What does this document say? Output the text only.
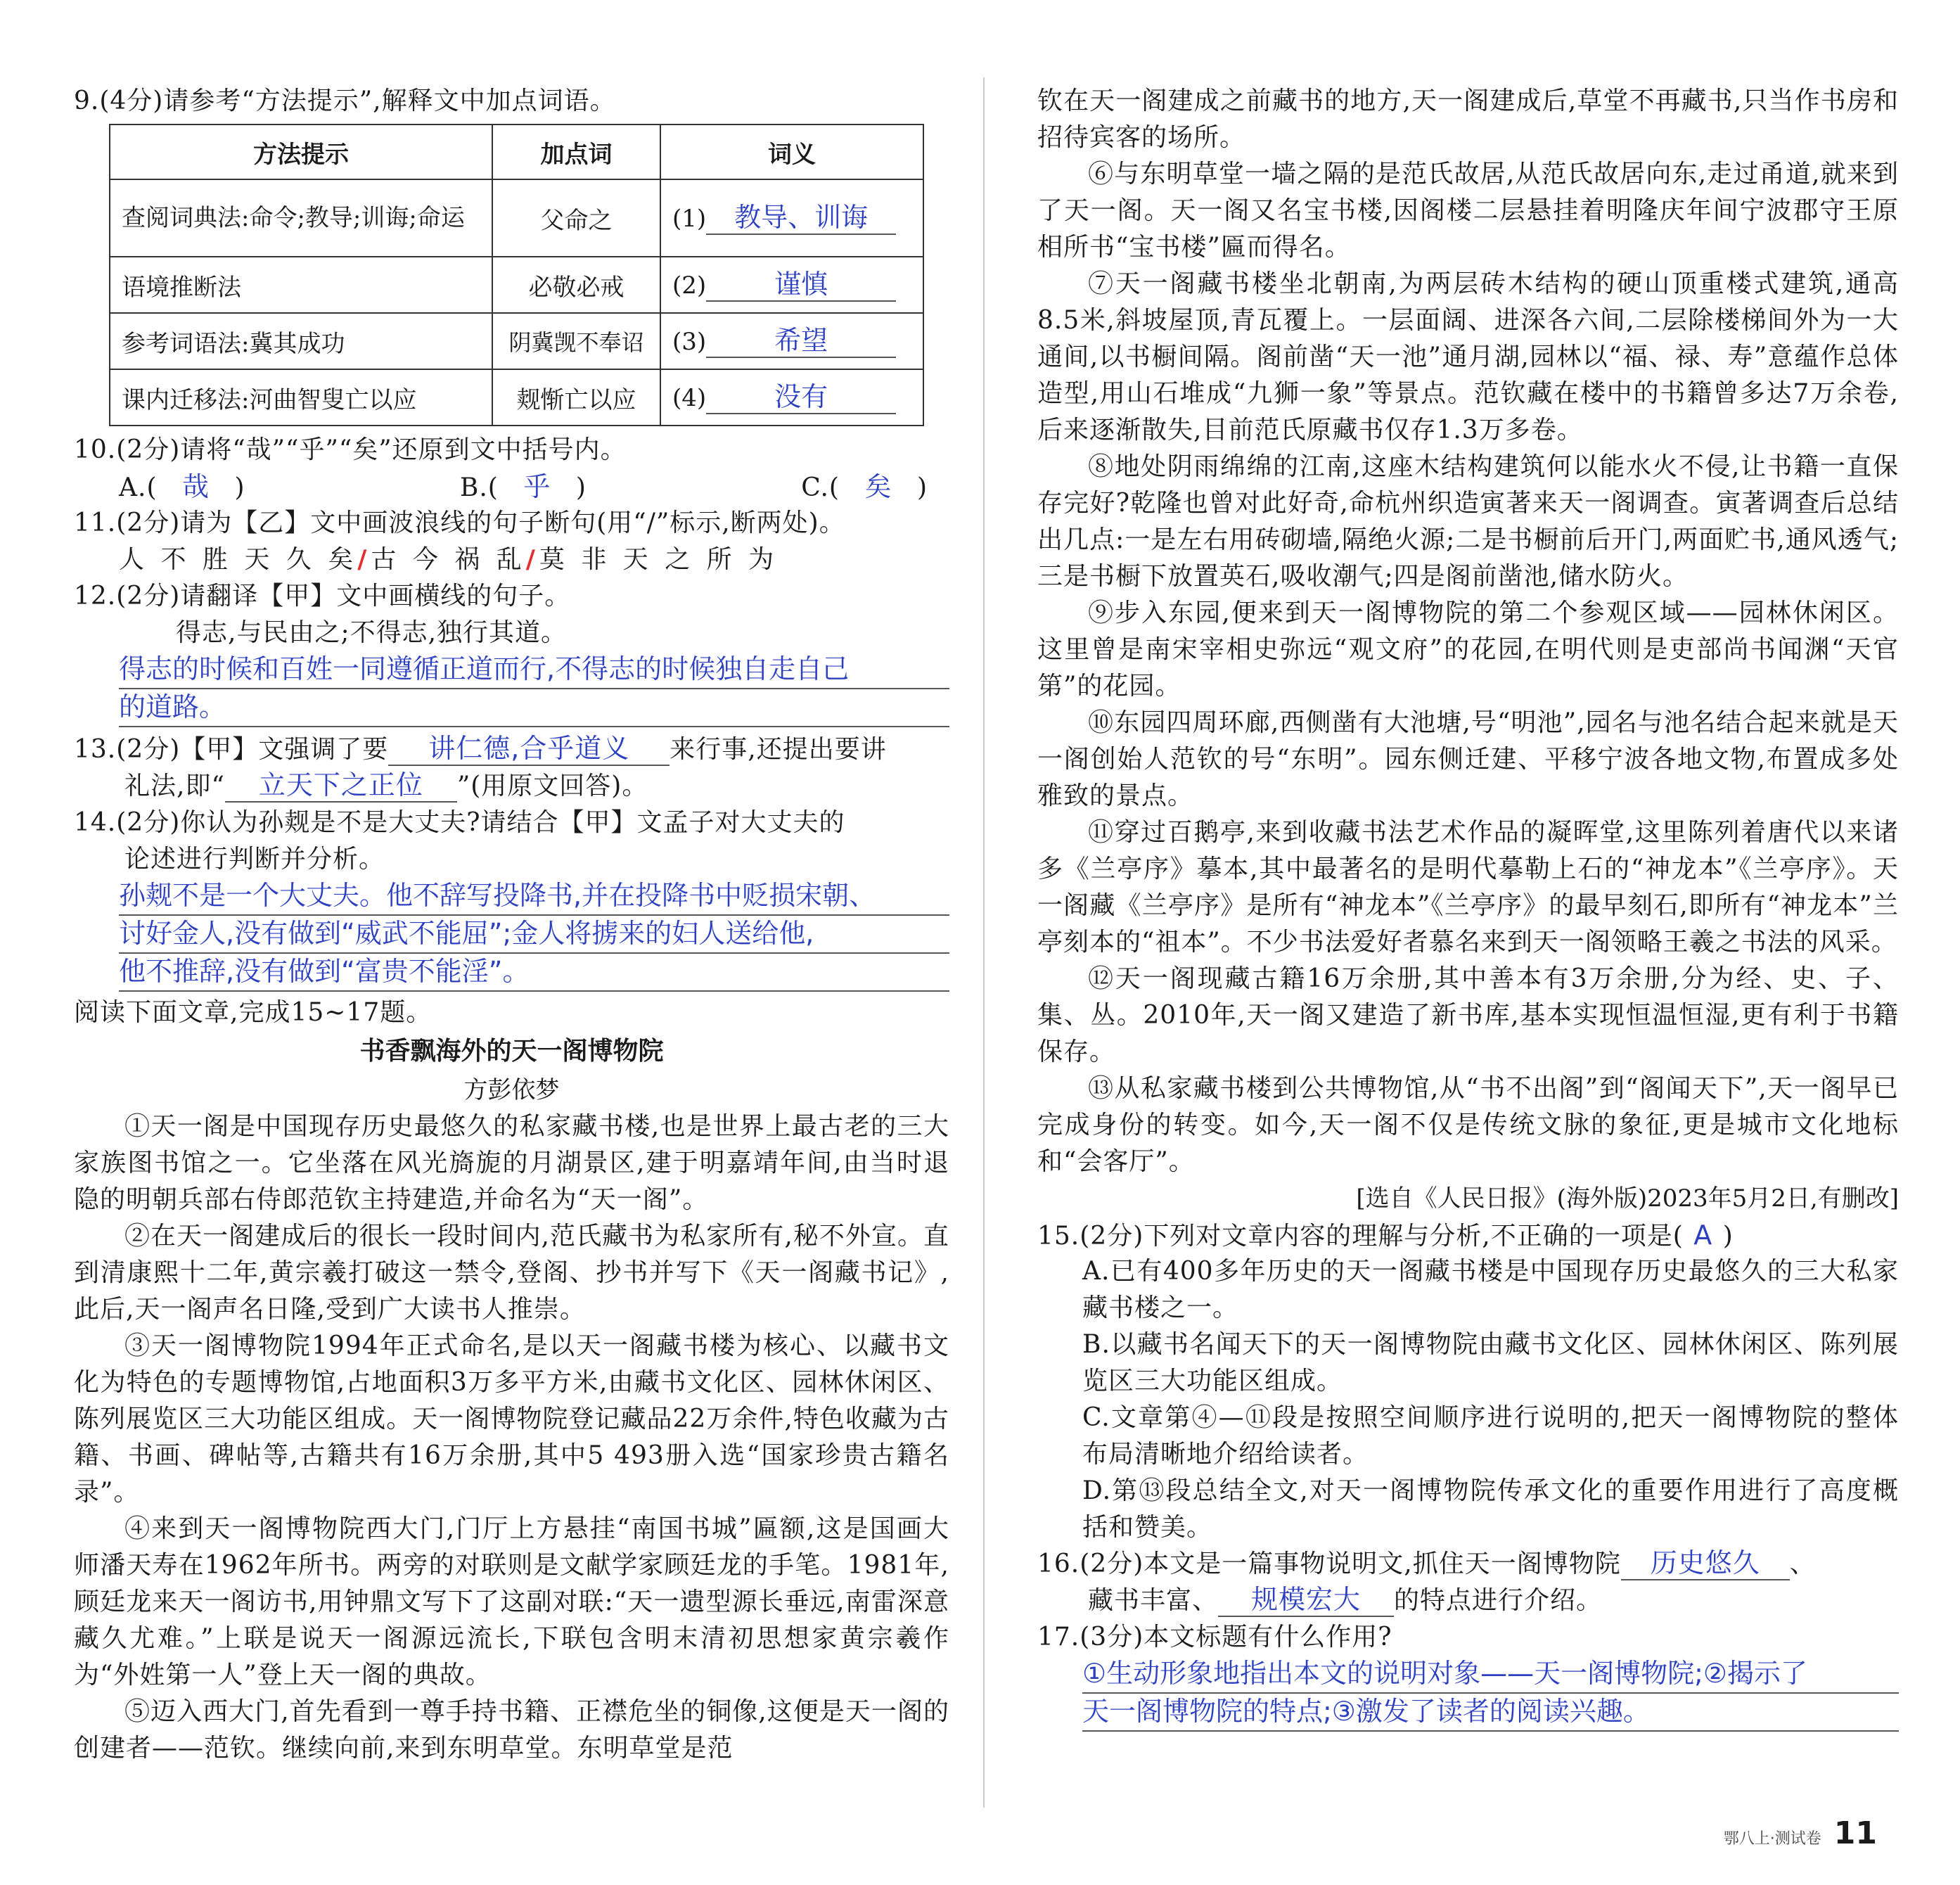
9.(4分)请参考“方法提示”,解释文中加点词语。
方法提示	加点词	词义
查阅词典法:命令;教导;训诲;命运	父命之	(1) 教导、训诲
语境推断法	必敬必戒	(2) 谨慎
参考词语法:冀其成功	阴冀觊不奉诏	(3) 希望
课内迁移法:河曲智叟亡以应	觌惭亡以应	(4) 没有
10.(2分)请将“哉”“乎”“矣”还原到文中括号内。
A.( 哉 )	B.( 乎 )	C.( 矣 )
11.(2分)请为【乙】文中画波浪线的句子断句(用“/”标示,断两处)。
人 不 胜 天 久 矣/古 今 祸 乱/莫 非 天 之 所 为
12.(2分)请翻译【甲】文中画横线的句子。
得志,与民由之;不得志,独行其道。
得志的时候和百姓一同遵循正道而行,不得志的时候独自走自己
的道路。
13.(2分)【甲】文强调了要 讲仁德,合乎道义 来行事,还提出要讲
礼法,即“ 立天下之正位 ”(用原文回答)。
14.(2分)你认为孙觌是不是大丈夫?请结合【甲】文孟子对大丈夫的
论述进行判断并分析。
孙觌不是一个大丈夫。他不辞写投降书,并在投降书中贬损宋朝、
讨好金人,没有做到“威武不能屈”;金人将掳来的妇人送给他,
他不推辞,没有做到“富贵不能淫”。
阅读下面文章,完成15~17题。
书香飘海外的天一阁博物院
方彭依梦
①天一阁是中国现存历史最悠久的私家藏书楼,也是世界上最古老的三大家族图书馆之一。它坐落在风光旖旎的月湖景区,建于明嘉靖年间,由当时退隐的明朝兵部右侍郎范钦主持建造,并命名为“天一阁”。
②在天一阁建成后的很长一段时间内,范氏藏书为私家所有,秘不外宣。直到清康熙十二年,黄宗羲打破这一禁令,登阁、抄书并写下《天一阁藏书记》,此后,天一阁声名日隆,受到广大读书人推崇。
③天一阁博物院1994年正式命名,是以天一阁藏书楼为核心、以藏书文化为特色的专题博物馆,占地面积3万多平方米,由藏书文化区、园林休闲区、陈列展览区三大功能区组成。天一阁博物院登记藏品22万余件,特色收藏为古籍、书画、碑帖等,古籍共有16万余册,其中5 493册入选“国家珍贵古籍名录”。
④来到天一阁博物院西大门,门厅上方悬挂“南国书城”匾额,这是国画大师潘天寿在1962年所书。两旁的对联则是文献学家顾廷龙的手笔。1981年,顾廷龙来天一阁访书,用钟鼎文写下了这副对联:“天一遗型源长垂远,南雷深意藏久尤难。”上联是说天一阁源远流长,下联包含明末清初思想家黄宗羲作为“外姓第一人”登上天一阁的典故。
⑤迈入西大门,首先看到一尊手持书籍、正襟危坐的铜像,这便是天一阁的创建者——范钦。继续向前,来到东明草堂。东明草堂是范
钦在天一阁建成之前藏书的地方,天一阁建成后,草堂不再藏书,只当作书房和招待宾客的场所。
⑥与东明草堂一墙之隔的是范氏故居,从范氏故居向东,走过甬道,就来到了天一阁。天一阁又名宝书楼,因阁楼二层悬挂着明隆庆年间宁波郡守王原相所书“宝书楼”匾而得名。
⑦天一阁藏书楼坐北朝南,为两层砖木结构的硬山顶重楼式建筑,通高8.5米,斜坡屋顶,青瓦覆上。一层面阔、进深各六间,二层除楼梯间外为一大通间,以书橱间隔。阁前凿“天一池”通月湖,园林以“福、禄、寿”意蕴作总体造型,用山石堆成“九狮一象”等景点。范钦藏在楼中的书籍曾多达7万余卷,后来逐渐散失,目前范氏原藏书仅存1.3万多卷。
⑧地处阴雨绵绵的江南,这座木结构建筑何以能水火不侵,让书籍一直保存完好?乾隆也曾对此好奇,命杭州织造寅著来天一阁调查。寅著调查后总结出几点:一是左右用砖砌墙,隔绝火源;二是书橱前后开门,两面贮书,通风透气;三是书橱下放置英石,吸收潮气;四是阁前凿池,储水防火。
⑨步入东园,便来到天一阁博物院的第二个参观区域——园林休闲区。这里曾是南宋宰相史弥远“观文府”的花园,在明代则是吏部尚书闻渊“天官第”的花园。
⑩东园四周环廊,西侧凿有大池塘,号“明池”,园名与池名结合起来就是天一阁创始人范钦的号“东明”。园东侧迁建、平移宁波各地文物,布置成多处雅致的景点。
⑪穿过百鹅亭,来到收藏书法艺术作品的凝晖堂,这里陈列着唐代以来诸多《兰亭序》摹本,其中最著名的是明代摹勒上石的“神龙本”《兰亭序》。天一阁藏《兰亭序》是所有“神龙本”《兰亭序》的最早刻石,即所有“神龙本”兰亭刻本的“祖本”。不少书法爱好者慕名来到天一阁领略王羲之书法的风采。
⑫天一阁现藏古籍16万余册,其中善本有3万余册,分为经、史、子、集、丛。2010年,天一阁又建造了新书库,基本实现恒温恒湿,更有利于书籍保存。
⑬从私家藏书楼到公共博物馆,从“书不出阁”到“阁闻天下”,天一阁早已完成身份的转变。如今,天一阁不仅是传统文脉的象征,更是城市文化地标和“会客厅”。
[选自《人民日报》(海外版)2023年5月2日,有删改]
15.(2分)下列对文章内容的理解与分析,不正确的一项是( A )
A.已有400多年历史的天一阁藏书楼是中国现存历史最悠久的三大私家藏书楼之一。
B.以藏书名闻天下的天一阁博物院由藏书文化区、园林休闲区、陈列展览区三大功能区组成。
C.文章第④—⑪段是按照空间顺序进行说明的,把天一阁博物院的整体布局清晰地介绍给读者。
D.第⑬段总结全文,对天一阁博物院传承文化的重要作用进行了高度概括和赞美。
16.(2分)本文是一篇事物说明文,抓住天一阁博物院 历史悠久 、
藏书丰富、 规模宏大 的特点进行介绍。
17.(3分)本文标题有什么作用?
①生动形象地指出本文的说明对象——天一阁博物院;②揭示了
天一阁博物院的特点;③激发了读者的阅读兴趣。
鄂八上·测试卷 11
